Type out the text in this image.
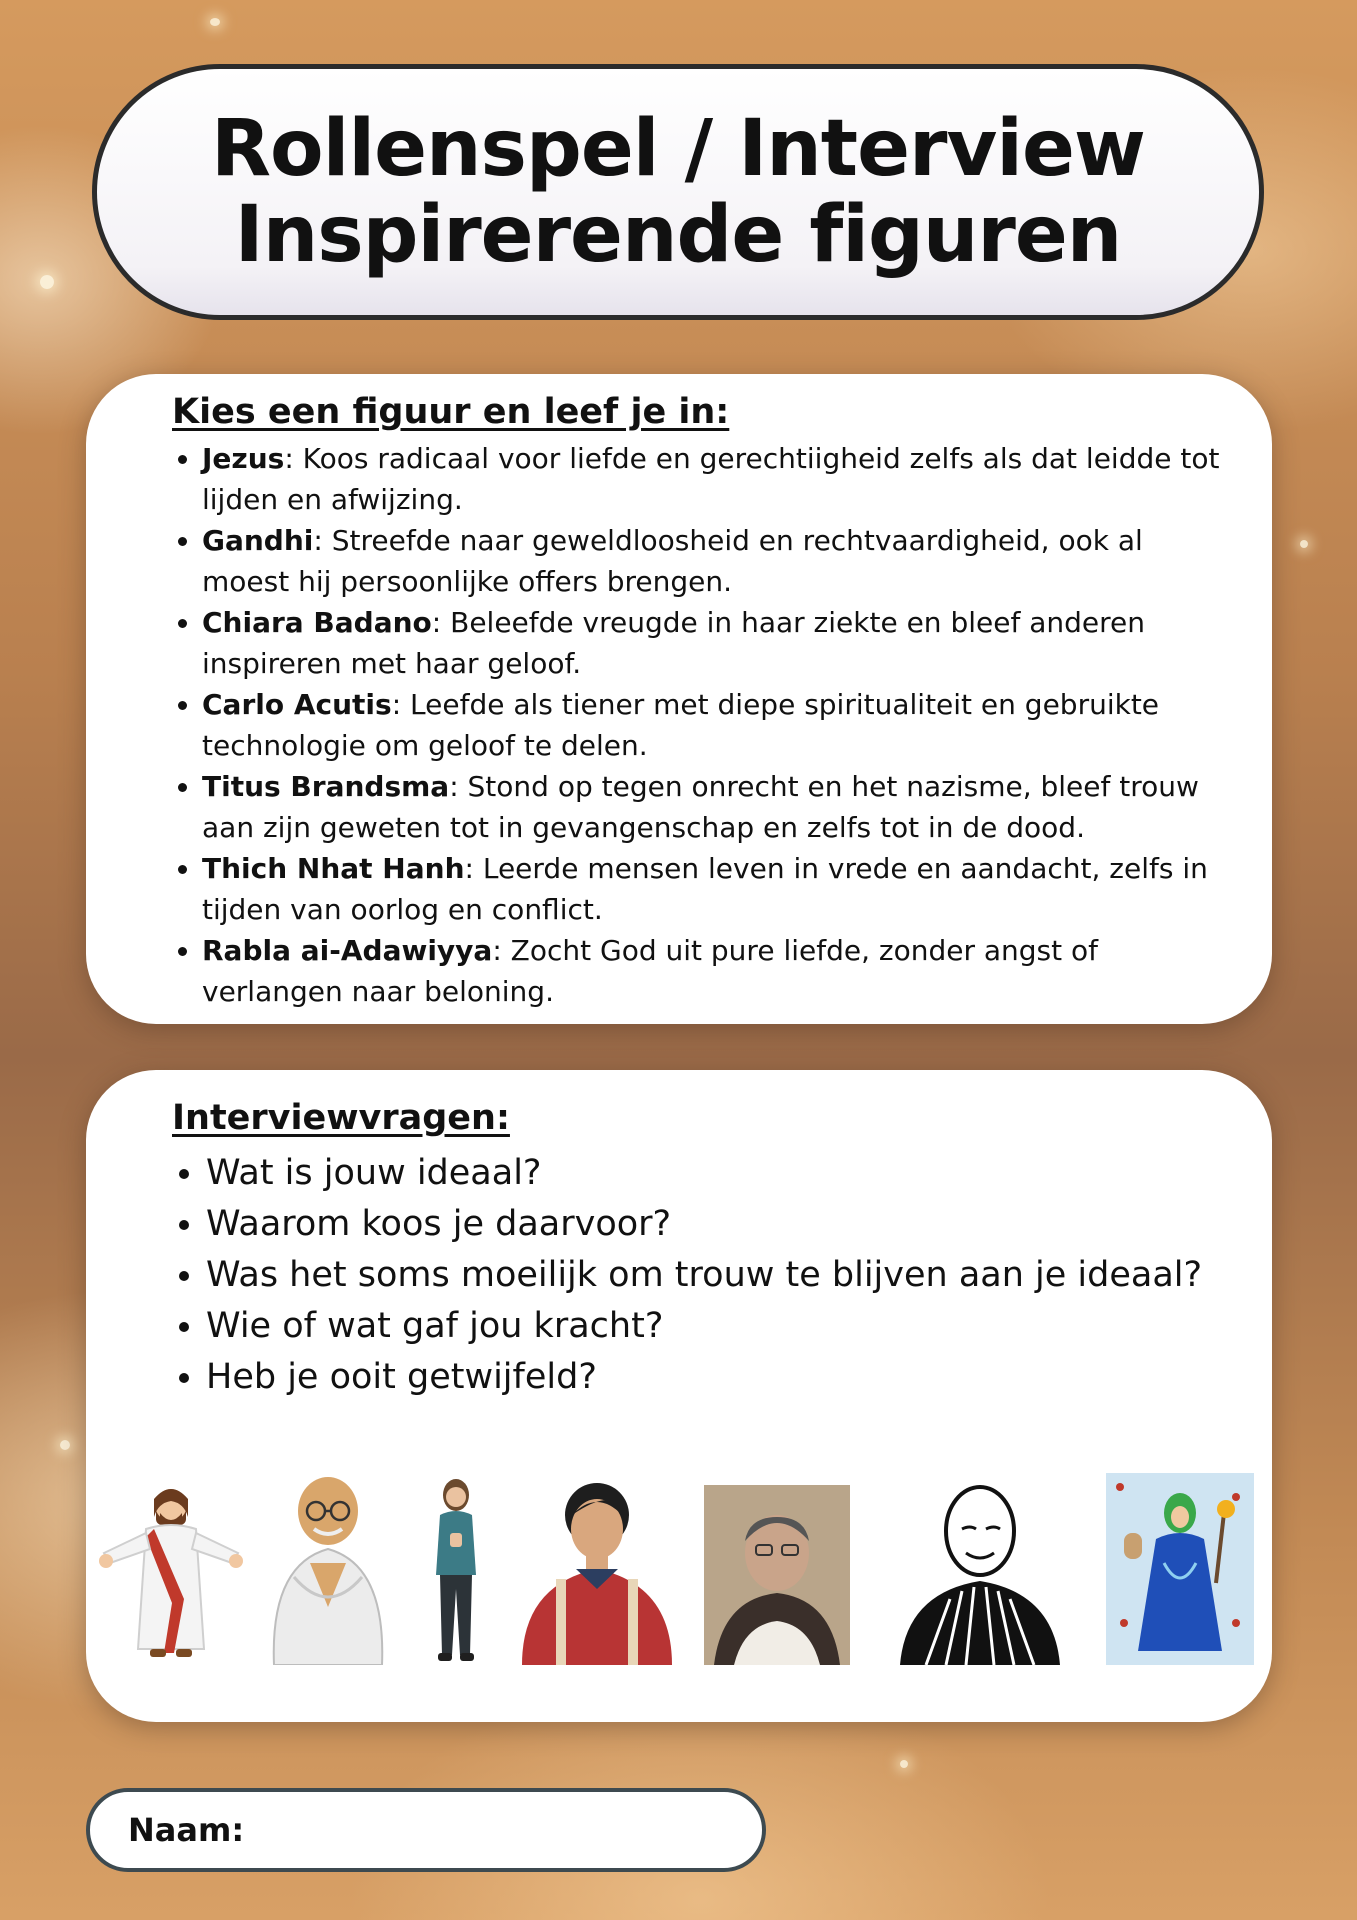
Rollenspel / Interview
Inspirerende figuren
Kies een figuur en leef je in:
• Jezus: Koos radicaal voor liefde en gerechtiigheid zelfs als dat leidde tot lijden en afwijzing.
• Gandhi: Streefde naar geweldloosheid en rechtvaardigheid, ook al moest hij persoonlijke offers brengen.
• Chiara Badano: Beleefde vreugde in haar ziekte en bleef anderen inspireren met haar geloof.
• Carlo Acutis: Leefde als tiener met diepe spiritualiteit en gebruikte technologie om geloof te delen.
• Titus Brandsma: Stond op tegen onrecht en het nazisme, bleef trouw aan zijn geweten tot in gevangenschap en zelfs tot in de dood.
• Thich Nhat Hanh: Leerde mensen leven in vrede en aandacht, zelfs in tijden van oorlog en conflict.
• Rabla ai-Adawiyya: Zocht God uit pure liefde, zonder angst of verlangen naar beloning.
Interviewvragen:
• Wat is jouw ideaal?
• Waarom koos je daarvoor?
• Was het soms moeilijk om trouw te blijven aan je ideaal?
• Wie of wat gaf jou kracht?
• Heb je ooit getwijfeld?
Naam:
